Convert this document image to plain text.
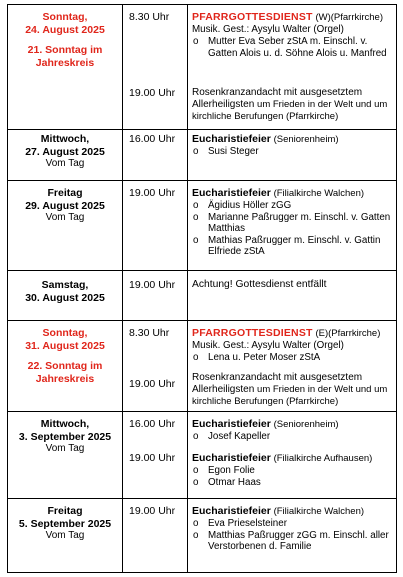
Sonntag,
24. August 2025
21. Sonntag im Jahreskreis
8.30 Uhr PFARRGOTTESDIENST (W)(Pfarrkirche)
Musik. Gest.: Aysylu Walter (Orgel)
o Mutter Eva Seber zStA m. Einschl. v. Gatten Alois u. d. Söhne Alois u. Manfred
19.00 Uhr Rosenkranzandacht mit ausgesetztem Allerheiligsten um Frieden in der Welt und um kirchliche Berufungen (Pfarrkirche)
Mittwoch,
27. August 2025
Vom Tag
16.00 Uhr Eucharistiefeier (Seniorenheim)
o Susi Steger
Freitag
29. August 2025
Vom Tag
19.00 Uhr Eucharistiefeier (Filialkirche Walchen)
o Ägidius Höller zGG
o Marianne Paßrugger m. Einschl. v. Gatten Matthias
o Mathias Paßrugger m. Einschl. v. Gattin Elfriede zStA
Samstag,
30. August 2025
19.00 Uhr Achtung! Gottesdienst entfällt
Sonntag,
31. August 2025
22. Sonntag im Jahreskreis
8.30 Uhr PFARRGOTTESDIENST (E)(Pfarrkirche)
Musik. Gest.: Aysylu Walter (Orgel)
o Lena u. Peter Moser zStA
19.00 Uhr
Rosenkranzandacht mit ausgesetztem Allerheiligsten um Frieden in der Welt und um kirchliche Berufungen (Pfarrkirche)
Mittwoch,
3. September 2025
Vom Tag
16.00 Uhr Eucharistiefeier (Seniorenheim)
o Josef Kapeller
19.00 Uhr Eucharistiefeier (Filialkirche Aufhausen)
o Egon Folie
o Otmar Haas
Freitag
5. September 2025
Vom Tag
19.00 Uhr Eucharistiefeier (Filialkirche Walchen)
o Eva Prieselsteiner
o Matthias Paßrugger zGG m. Einschl. aller Verstorbenen d. Familie
